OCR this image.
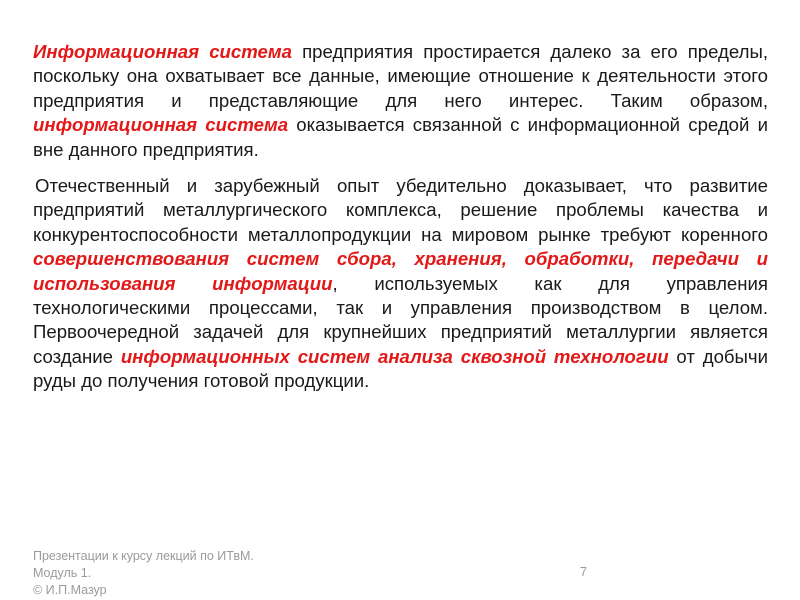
Информационная система предприятия простирается далеко за его пределы, поскольку она охватывает все данные, имеющие отношение к деятельности этого предприятия и представляющие для него интерес. Таким образом, информационная система оказывается связанной с информационной средой и вне данного предприятия.

Отечественный и зарубежный опыт убедительно доказывает, что развитие предприятий металлургического комплекса, решение проблемы качества и конкурентоспособности металлопродукции на мировом рынке требуют коренного совершенствования систем сбора, хранения, обработки, передачи и использования информации, используемых как для управления технологическими процессами, так и управления производством в целом. Первоочередной задачей для крупнейших предприятий металлургии является создание информационных систем анализа сквозной технологии от добычи руды до получения готовой продукции.

Презентации к курсу лекций по ИТвМ.
Модуль 1.
© И.П.Мазур
7
